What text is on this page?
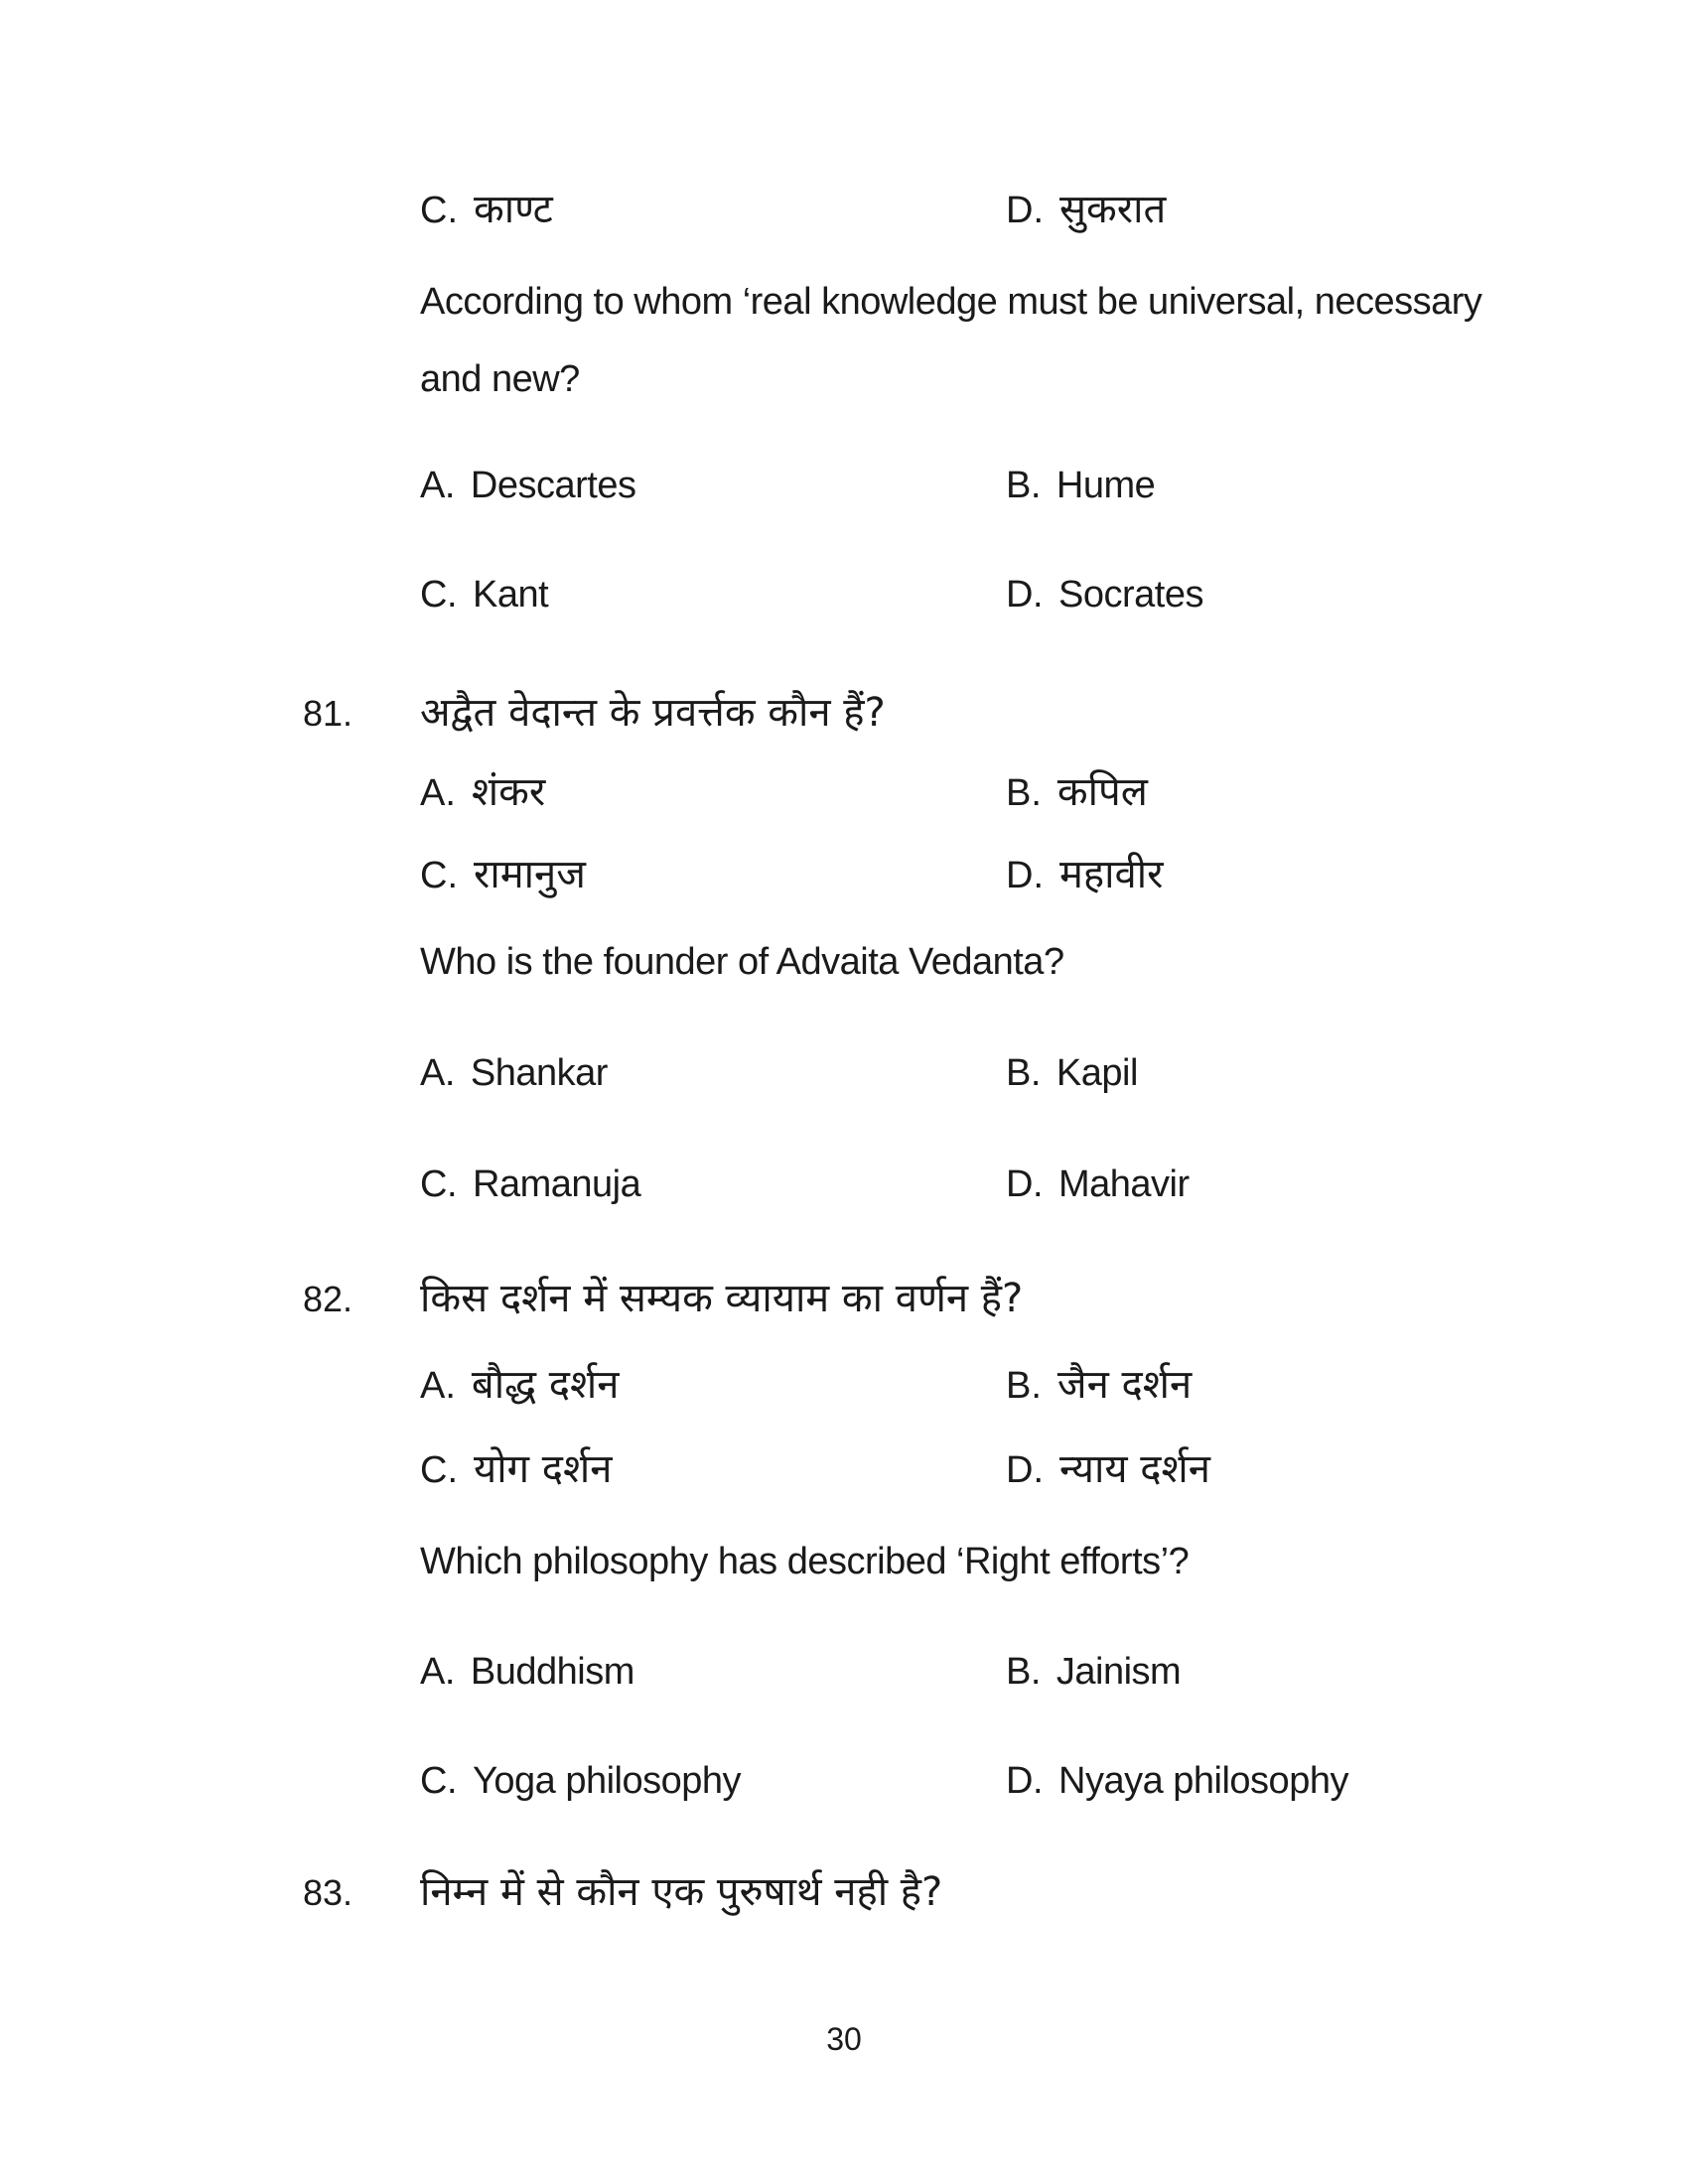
C. काण्ट	D. सुकरात
According to whom ‘real knowledge must be universal, necessary
and new?
A. Descartes	B. Hume
C. Kant	D. Socrates
81. अद्वैत वेदान्त के प्रवर्त्तक कौन हैं?
A. शंकर	B. कपिल
C. रामानुज	D. महावीर
Who is the founder of Advaita Vedanta?
A. Shankar	B. Kapil
C. Ramanuja	D. Mahavir
82. किस दर्शन में सम्यक व्यायाम का वर्णन हैं?
A. बौद्ध दर्शन	B. जैन दर्शन
C. योग दर्शन	D. न्याय दर्शन
Which philosophy has described ‘Right efforts’?
A. Buddhism	B. Jainism
C. Yoga philosophy	D. Nyaya philosophy
83. निम्न में से कौन एक पुरुषार्थ नही है?
30
